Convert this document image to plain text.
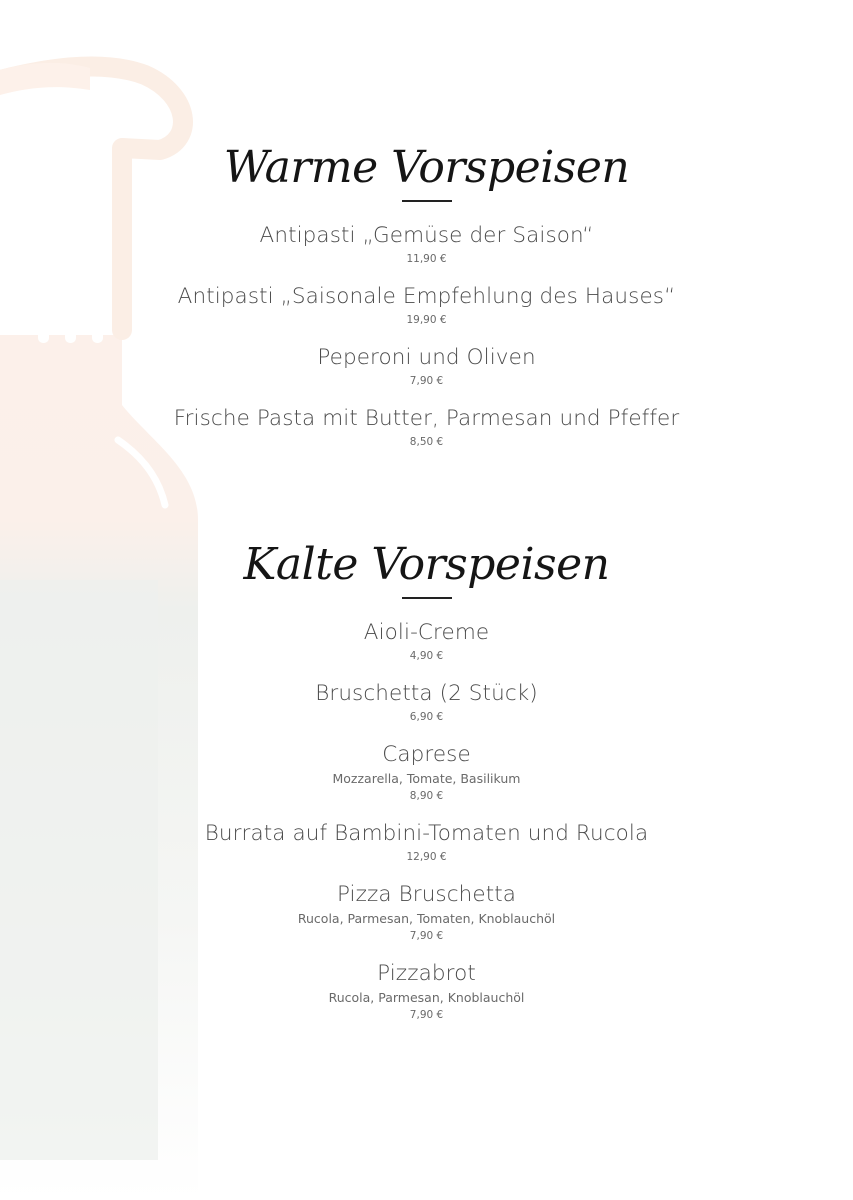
Warme Vorspeisen
Antipasti „Gemüse der Saison“
11,90 €
Antipasti „Saisonale Empfehlung des Hauses“
19,90 €
Peperoni und Oliven
7,90 €
Frische Pasta mit Butter, Parmesan und Pfeffer
8,50 €
Kalte Vorspeisen
Aioli-Creme
4,90 €
Bruschetta (2 Stück)
6,90 €
Caprese
Mozzarella, Tomate, Basilikum
8,90 €
Burrata auf Bambini-Tomaten und Rucola
12,90 €
Pizza Bruschetta
Rucola, Parmesan, Tomaten, Knoblauchöl
7,90 €
Pizzabrot
Rucola, Parmesan, Knoblauchöl
7,90 €
